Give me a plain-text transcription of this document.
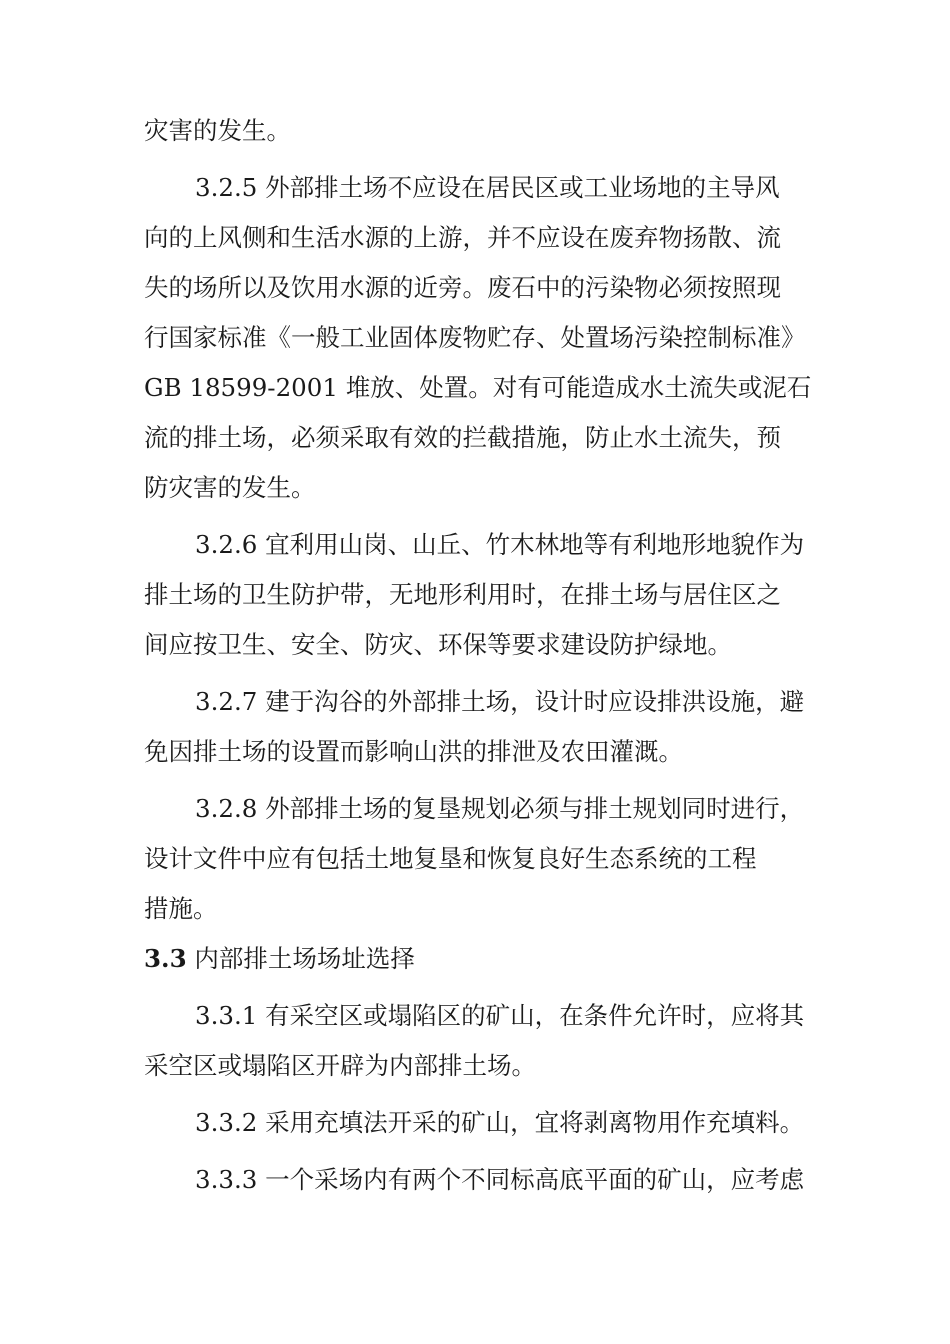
灾害的发生。

3.2.5 外部排土场不应设在居民区或工业场地的主导风

向的上风侧和生活水源的上游，并不应设在废弃物扬散、流

失的场所以及饮用水源的近旁。废石中的污染物必须按照现

行国家标准《一般工业固体废物贮存、处置场污染控制标准》

GB 18599-2001 堆放、处置。对有可能造成水土流失或泥石

流的排土场，必须采取有效的拦截措施，防止水土流失，预

防灾害的发生。

3.2.6 宜利用山岗、山丘、竹木林地等有利地形地貌作为

排土场的卫生防护带，无地形利用时，在排土场与居住区之

间应按卫生、安全、防灾、环保等要求建设防护绿地。

3.2.7 建于沟谷的外部排土场，设计时应设排洪设施，避

免因排土场的设置而影响山洪的排泄及农田灌溉。

3.2.8 外部排土场的复垦规划必须与排土规划同时进行，

设计文件中应有包括土地复垦和恢复良好生态系统的工程

措施。

3.3 内部排土场场址选择

3.3.1 有采空区或塌陷区的矿山，在条件允许时，应将其

采空区或塌陷区开辟为内部排土场。

3.3.2 采用充填法开采的矿山，宜将剥离物用作充填料。

3.3.3 一个采场内有两个不同标高底平面的矿山，应考虑
